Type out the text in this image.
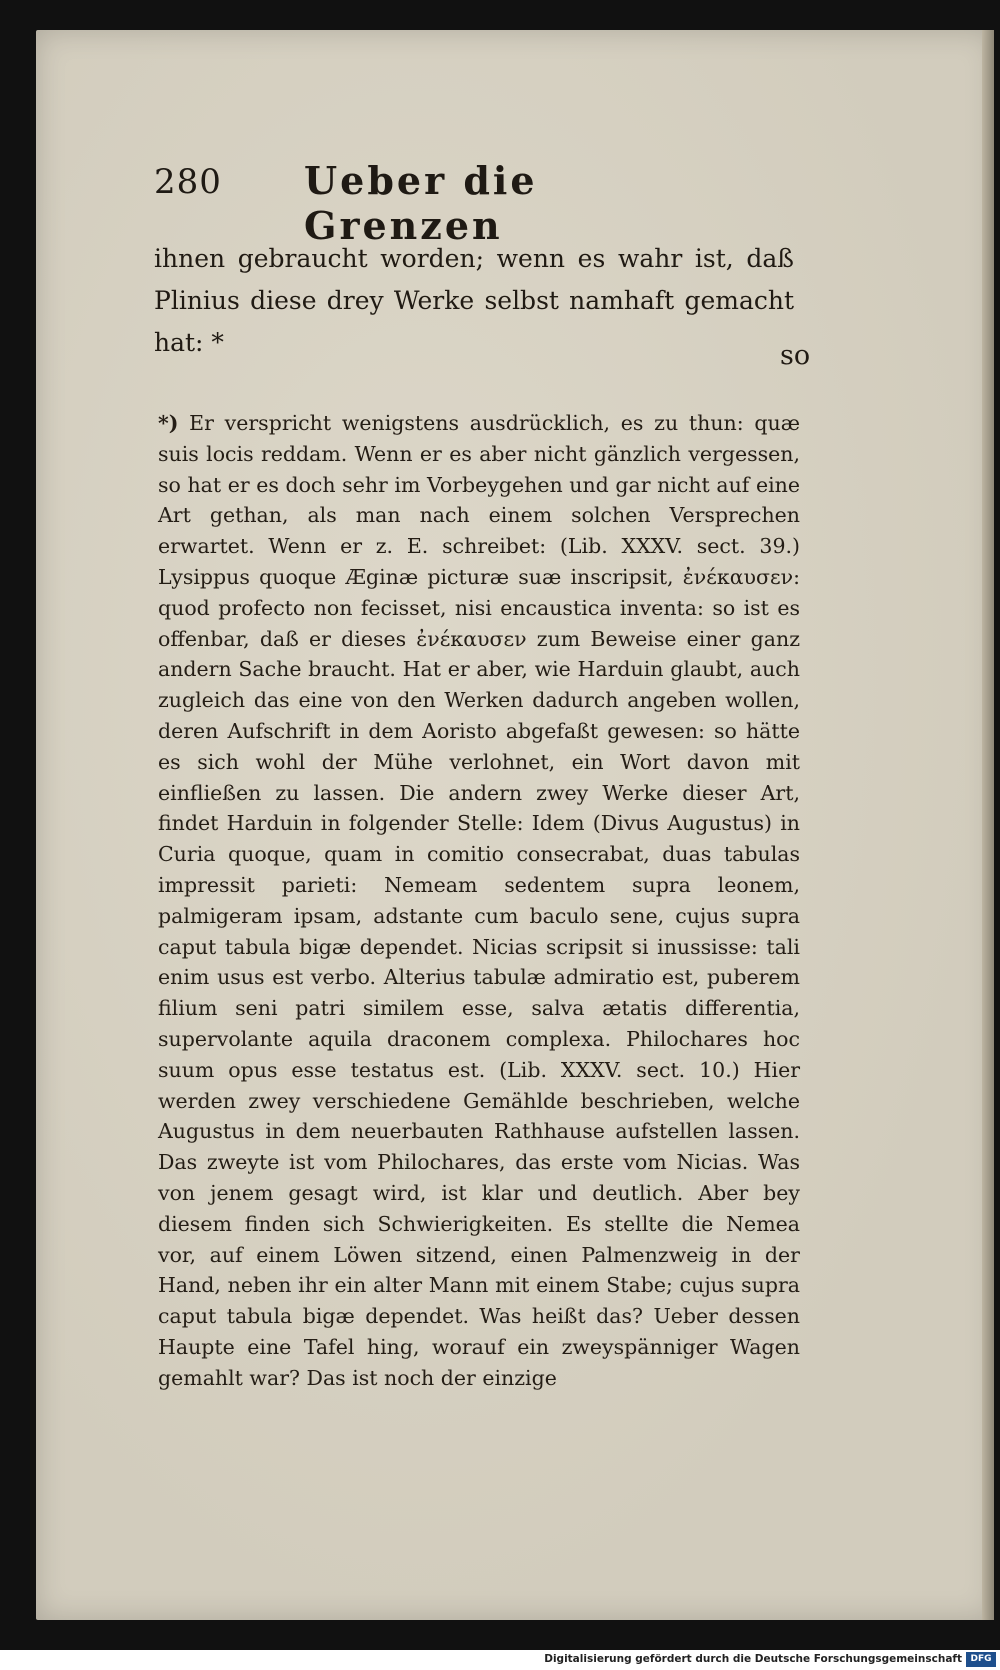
280 Ueber die Grenzen

ihnen gebraucht worden; wenn es wahr ist, daß Plinius diese drey Werke selbst namhaft gemacht hat: *	so

*) Er verspricht wenigstens ausdrücklich, es zu thun: quæ suis locis reddam. Wenn er es aber nicht gänzlich vergessen, so hat er es doch sehr im Vorbeygehen und gar nicht auf eine Art gethan, als man nach einem solchen Versprechen erwartet. Wenn er z. E. schreibet: (Lib. XXXV. sect. 39.) Lysippus quoque Æginæ picturæ suæ inscripsit, ἐνέκαυσεν: quod profecto non fecisset, nisi encaustica inventa: so ist es offenbar, daß er dieses ἐνέκαυσεν zum Beweise einer ganz andern Sache braucht. Hat er aber, wie Harduin glaubt, auch zugleich das eine von den Werken dadurch angeben wollen, deren Aufschrift in dem Aoristo abgefaßt gewesen: so hätte es sich wohl der Mühe verlohnet, ein Wort davon mit einfließen zu lassen. Die andern zwey Werke dieser Art, findet Harduin in folgender Stelle: Idem (Divus Augustus) in Curia quoque, quam in comitio consecrabat, duas tabulas impressit parieti: Nemeam sedentem supra leonem, palmigeram ipsam, adstante cum baculo sene, cujus supra caput tabula bigæ dependet. Nicias scripsit si inussisse: tali enim usus est verbo. Alterius tabulæ admiratio est, puberem filium seni patri similem esse, salva ætatis differentia, supervolante aquila draconem complexa. Philochares hoc suum opus esse testatus est. (Lib. XXXV. sect. 10.) Hier werden zwey verschiedene Gemählde beschrieben, welche Augustus in dem neuerbauten Rathhause aufstellen lassen. Das zweyte ist vom Philochares, das erste vom Nicias. Was von jenem gesagt wird, ist klar und deutlich. Aber bey diesem finden sich Schwierigkeiten. Es stellte die Nemea vor, auf einem Löwen sitzend, einen Palmenzweig in der Hand, neben ihr ein alter Mann mit einem Stabe; cujus supra caput tabula bigæ dependet. Was heißt das? Ueber dessen Haupte eine Tafel hing, worauf ein zweyspänniger Wagen gemahlt war? Das ist noch der einzige

Digitalisierung gefördert durch die Deutsche Forschungsgemeinschaft DFG
